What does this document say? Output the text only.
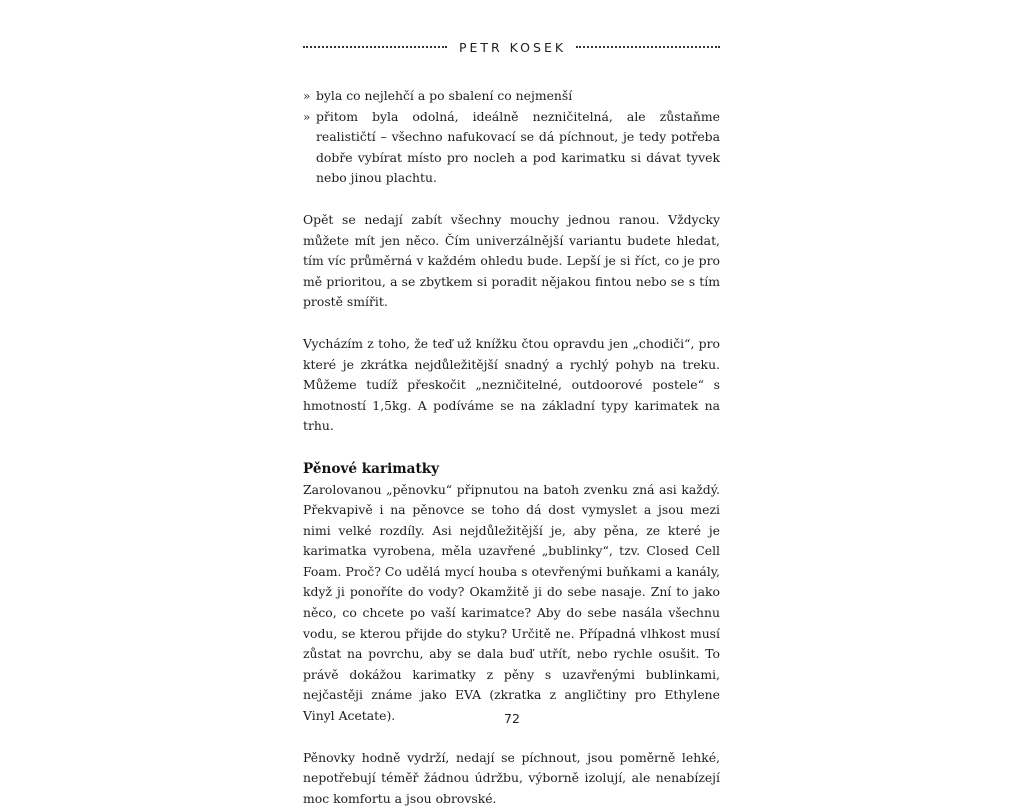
PETR KOSEK
» byla co nejlehčí a po sbalení co nejmenší
» přitom byla odolná, ideálně nezničitelná, ale zůstaňme realističtí – všechno nafukovací se dá píchnout, je tedy potřeba dobře vybírat místo pro nocleh a pod karimatku si dávat tyvek nebo jinou plachtu.

Opět se nedají zabít všechny mouchy jednou ranou. Vždycky můžete mít jen něco. Čím univerzálnější variantu budete hledat, tím víc průměrná v každém ohledu bude. Lepší je si říct, co je pro mě prioritou, a se zbytkem si poradit nějakou fintou nebo se s tím prostě smířit.

Vycházím z toho, že teď už knížku čtou opravdu jen „chodiči“, pro které je zkrátka nejdůležitější snadný a rychlý pohyb na treku. Můžeme tudíž přeskočit „nezničitelné, outdoorové postele“ s hmotností 1,5kg. A podíváme se na základní typy karimatek na trhu.

Pěnové karimatky

Zarolovanou „pěnovku“ připnutou na batoh zvenku zná asi každý. Překvapivě i na pěnovce se toho dá dost vymyslet a jsou mezi nimi velké rozdíly. Asi nejdůležitější je, aby pěna, ze které je karimatka vyrobena, měla uzavřené „bublinky“, tzv. Closed Cell Foam. Proč? Co udělá mycí houba s otevřenými buňkami a kanály, když ji ponoříte do vody? Okamžitě ji do sebe nasaje. Zní to jako něco, co chcete po vaší karimatce? Aby do sebe nasála všechnu vodu, se kterou přijde do styku? Určitě ne. Případná vlhkost musí zůstat na povrchu, aby se dala buď utřít, nebo rychle osušit. To právě dokážou karimatky z pěny s uzavřenými bublinkami, nejčastěji známe jako EVA (zkratka z angličtiny pro Ethylene Vinyl Acetate).

Pěnovky hodně vydrží, nedají se píchnout, jsou poměrně lehké, nepotřebují téměř žádnou údržbu, výborně izolují, ale nenabízejí moc komfortu a jsou obrovské.

72
